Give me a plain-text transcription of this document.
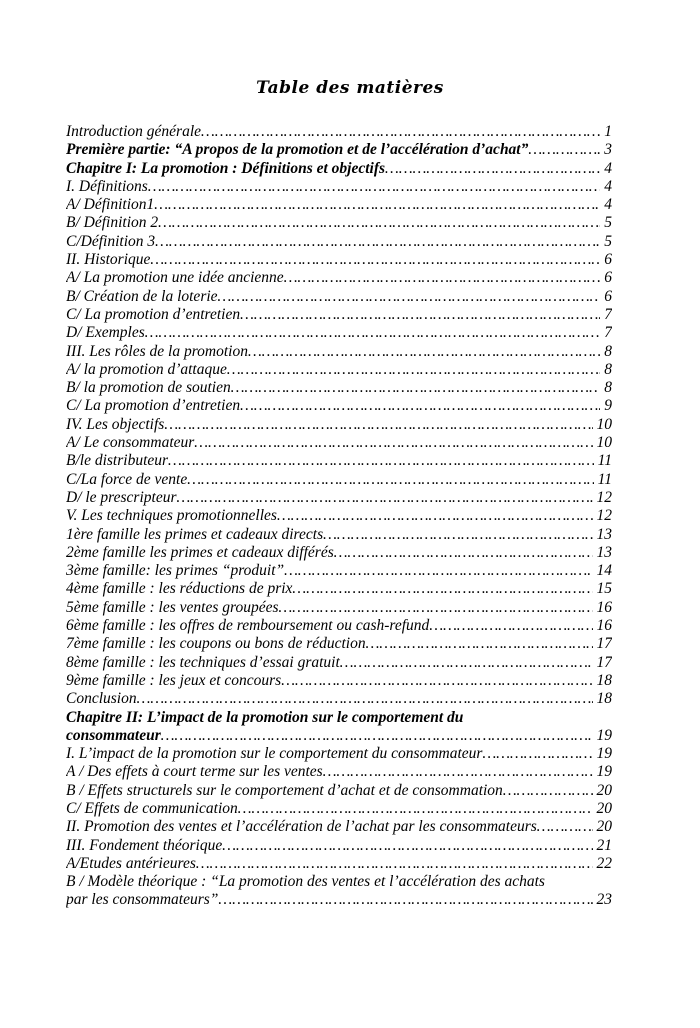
Table des matières
Introduction générale ………………………………………………………………………………………………………………………………………………………………………………………………	1
Première partie: “A propos de la promotion et de l’accélération d’achat” ………………………………………………………………………………………………………………………………………………………………………………………………	3
Chapitre I: La promotion : Définitions et objectifs ………………………………………………………………………………………………………………………………………………………………………………………………	4
I. Définitions ………………………………………………………………………………………………………………………………………………………………………………………………	4
A/ Définition1 ………………………………………………………………………………………………………………………………………………………………………………………………	4
B/ Définition 2 ………………………………………………………………………………………………………………………………………………………………………………………………	5
C/Définition 3 ………………………………………………………………………………………………………………………………………………………………………………………………	5
II. Historique ………………………………………………………………………………………………………………………………………………………………………………………………	6
A/ La promotion une idée ancienne ………………………………………………………………………………………………………………………………………………………………………………………………	6
B/ Création de la loterie ………………………………………………………………………………………………………………………………………………………………………………………………	6
C/ La promotion d’entretien ………………………………………………………………………………………………………………………………………………………………………………………………	7
D/ Exemples ………………………………………………………………………………………………………………………………………………………………………………………………	7
III. Les rôles de la promotion ………………………………………………………………………………………………………………………………………………………………………………………………	8
A/ la promotion d’attaque ………………………………………………………………………………………………………………………………………………………………………………………………	8
B/ la promotion de soutien ………………………………………………………………………………………………………………………………………………………………………………………………	8
C/ La promotion d’entretien ………………………………………………………………………………………………………………………………………………………………………………………………	9
IV. Les objectifs ………………………………………………………………………………………………………………………………………………………………………………………………	10
A/ Le consommateur ………………………………………………………………………………………………………………………………………………………………………………………………	10
B/le distributeur ………………………………………………………………………………………………………………………………………………………………………………………………	11
C/La force de vente ………………………………………………………………………………………………………………………………………………………………………………………………	11
D/ le prescripteur ………………………………………………………………………………………………………………………………………………………………………………………………	12
V. Les techniques promotionnelles ………………………………………………………………………………………………………………………………………………………………………………………………	12
1ère famille les primes et cadeaux directs ………………………………………………………………………………………………………………………………………………………………………………………………	13
2ème famille les primes et cadeaux différés ………………………………………………………………………………………………………………………………………………………………………………………………	13
3ème famille: les primes “produit” ………………………………………………………………………………………………………………………………………………………………………………………………	14
4ème famille : les réductions de prix ………………………………………………………………………………………………………………………………………………………………………………………………	15
5ème famille : les ventes groupées ………………………………………………………………………………………………………………………………………………………………………………………………	16
6ème famille : les offres de remboursement ou cash-refund ………………………………………………………………………………………………………………………………………………………………………………………………	16
7ème famille : les coupons ou bons de réduction ………………………………………………………………………………………………………………………………………………………………………………………………	17
8ème famille : les techniques d’essai gratuit ………………………………………………………………………………………………………………………………………………………………………………………………	17
9ème famille : les jeux et concours ………………………………………………………………………………………………………………………………………………………………………………………………	18
Conclusion ………………………………………………………………………………………………………………………………………………………………………………………………	18
Chapitre II: L’impact de la promotion sur le comportement du
consommateur ………………………………………………………………………………………………………………………………………………………………………………………………	19
I. L’impact de la promotion sur le comportement du consommateur ………………………………………………………………………………………………………………………………………………………………………………………………	19
A / Des effets à court terme sur les ventes ………………………………………………………………………………………………………………………………………………………………………………………………	19
B / Effets structurels sur le comportement d’achat et de consommation ………………………………………………………………………………………………………………………………………………………………………………………………	20
C/ Effets de communication ………………………………………………………………………………………………………………………………………………………………………………………………	20
II. Promotion des ventes et l’accélération de l’achat par les consommateurs ………………………………………………………………………………………………………………………………………………………………………………………………	20
III. Fondement théorique ………………………………………………………………………………………………………………………………………………………………………………………………	21
A/Etudes antérieures ………………………………………………………………………………………………………………………………………………………………………………………………	22
B / Modèle théorique : “La promotion des ventes et l’accélération des achats
par les consommateurs” ………………………………………………………………………………………………………………………………………………………………………………………………	23
